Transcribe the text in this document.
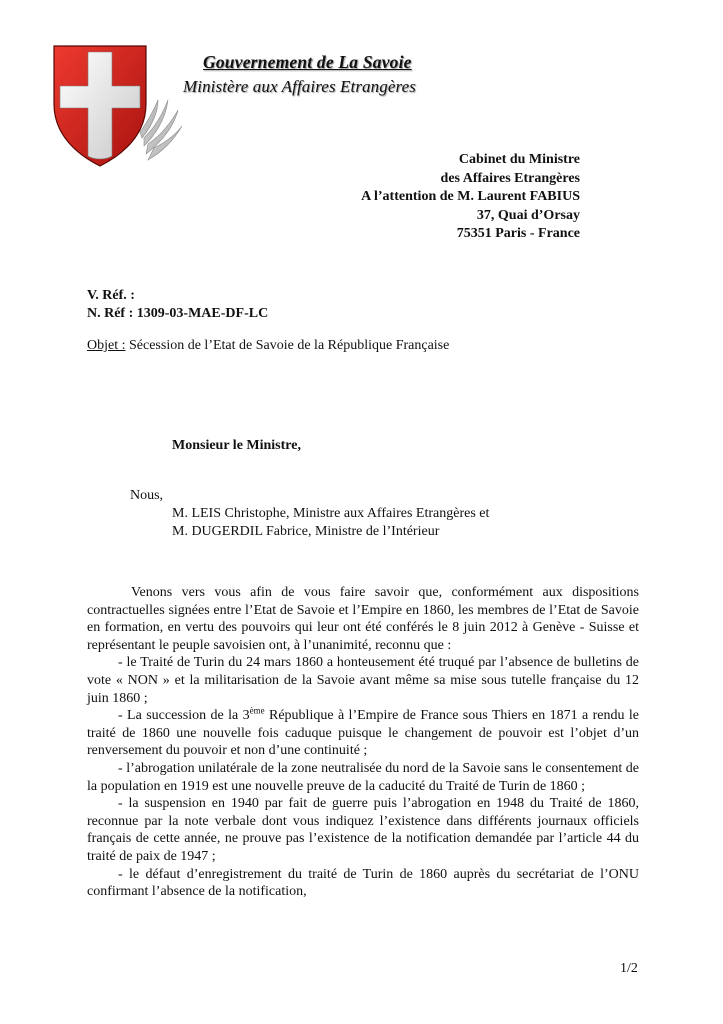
Gouvernement de La Savoie
Ministère aux Affaires Etrangères
Cabinet du Ministre
des Affaires Etrangères
A l’attention de M. Laurent FABIUS
37, Quai d’Orsay
75351 Paris - France
V. Réf. :
N. Réf : 1309-03-MAE-DF-LC
Objet : Sécession de l’Etat de Savoie de la République Française
Monsieur le Ministre,
Nous,
M. LEIS Christophe, Ministre aux Affaires Etrangères et
M. DUGERDIL Fabrice, Ministre de l’Intérieur

Venons vers vous afin de vous faire savoir que, conformément aux dispositions contractuelles signées entre l’Etat de Savoie et l’Empire en 1860, les membres de l’Etat de Savoie en formation, en vertu des pouvoirs qui leur ont été conférés le 8 juin 2012 à Genève - Suisse et représentant le peuple savoisien ont, à l’unanimité, reconnu que :

- le Traité de Turin du 24 mars 1860 a honteusement été truqué par l’absence de bulletins de vote « NON » et la militarisation de la Savoie avant même sa mise sous tutelle française du 12 juin 1860 ;

- La succession de la 3ème République à l’Empire de France sous Thiers en 1871 a rendu le traité de 1860 une nouvelle fois caduque puisque le changement de pouvoir est l’objet d’un renversement du pouvoir et non d’une continuité ;

- l’abrogation unilatérale de la zone neutralisée du nord de la Savoie sans le consentement de la population en 1919 est une nouvelle preuve de la caducité du Traité de Turin de 1860 ;

- la suspension en 1940 par fait de guerre puis l’abrogation en 1948 du Traité de 1860, reconnue par la note verbale dont vous indiquez l’existence dans différents journaux officiels français de cette année, ne prouve pas l’existence de la notification demandée par l’article 44 du traité de paix de 1947 ;

- le défaut d’enregistrement du traité de Turin de 1860 auprès du secrétariat de l’ONU confirmant l’absence de la notification,

1/2
